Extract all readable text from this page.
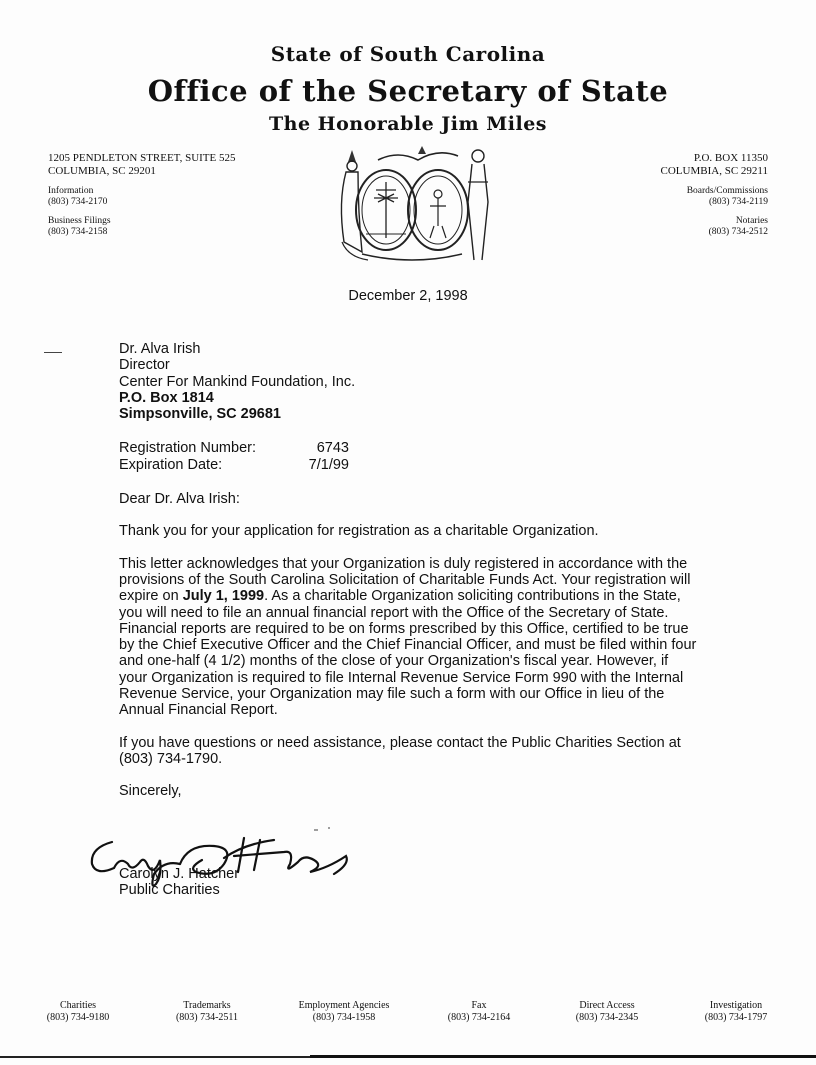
State of South Carolina
Office of the Secretary of State
The Honorable Jim Miles
1205 PENDLETON STREET, SUITE 525
COLUMBIA, SC 29201
Information
(803) 734-2170
Business Filings
(803) 734-2158
P.O. BOX 11350
COLUMBIA, SC 29211
Boards/Commissions
(803) 734-2119
Notaries
(803) 734-2512
December 2, 1998

Dr. Alva Irish

Director

Center For Mankind Foundation, Inc.

P.O. Box 1814

Simpsonville, SC 29681

Registration Number:	6743
Expiration Date:	7/1/99

Dear Dr. Alva Irish:

Thank you for your application for registration as a charitable Organization.

This letter acknowledges that your Organization is duly registered in accordance with the provisions of the South Carolina Solicitation of Charitable Funds Act. Your registration will expire on July 1, 1999. As a charitable Organization soliciting contributions in the State, you will need to file an annual financial report with the Office of the Secretary of State. Financial reports are required to be on forms prescribed by this Office, certified to be true by the Chief Executive Officer and the Chief Financial Officer, and must be filed within four and one-half (4 1/2) months of the close of your Organization's fiscal year. However, if your Organization is required to file Internal Revenue Service Form 990 with the Internal Revenue Service, your Organization may file such a form with our Office in lieu of the Annual Financial Report.

If you have questions or need assistance, please contact the Public Charities Section at (803) 734-1790.

Sincerely,

Carolyn J. Hatcher
Public Charities
Charities
(803) 734-9180
Trademarks
(803) 734-2511
Employment Agencies
(803) 734-1958
Fax
(803) 734-2164
Direct Access
(803) 734-2345
Investigation
(803) 734-1797
